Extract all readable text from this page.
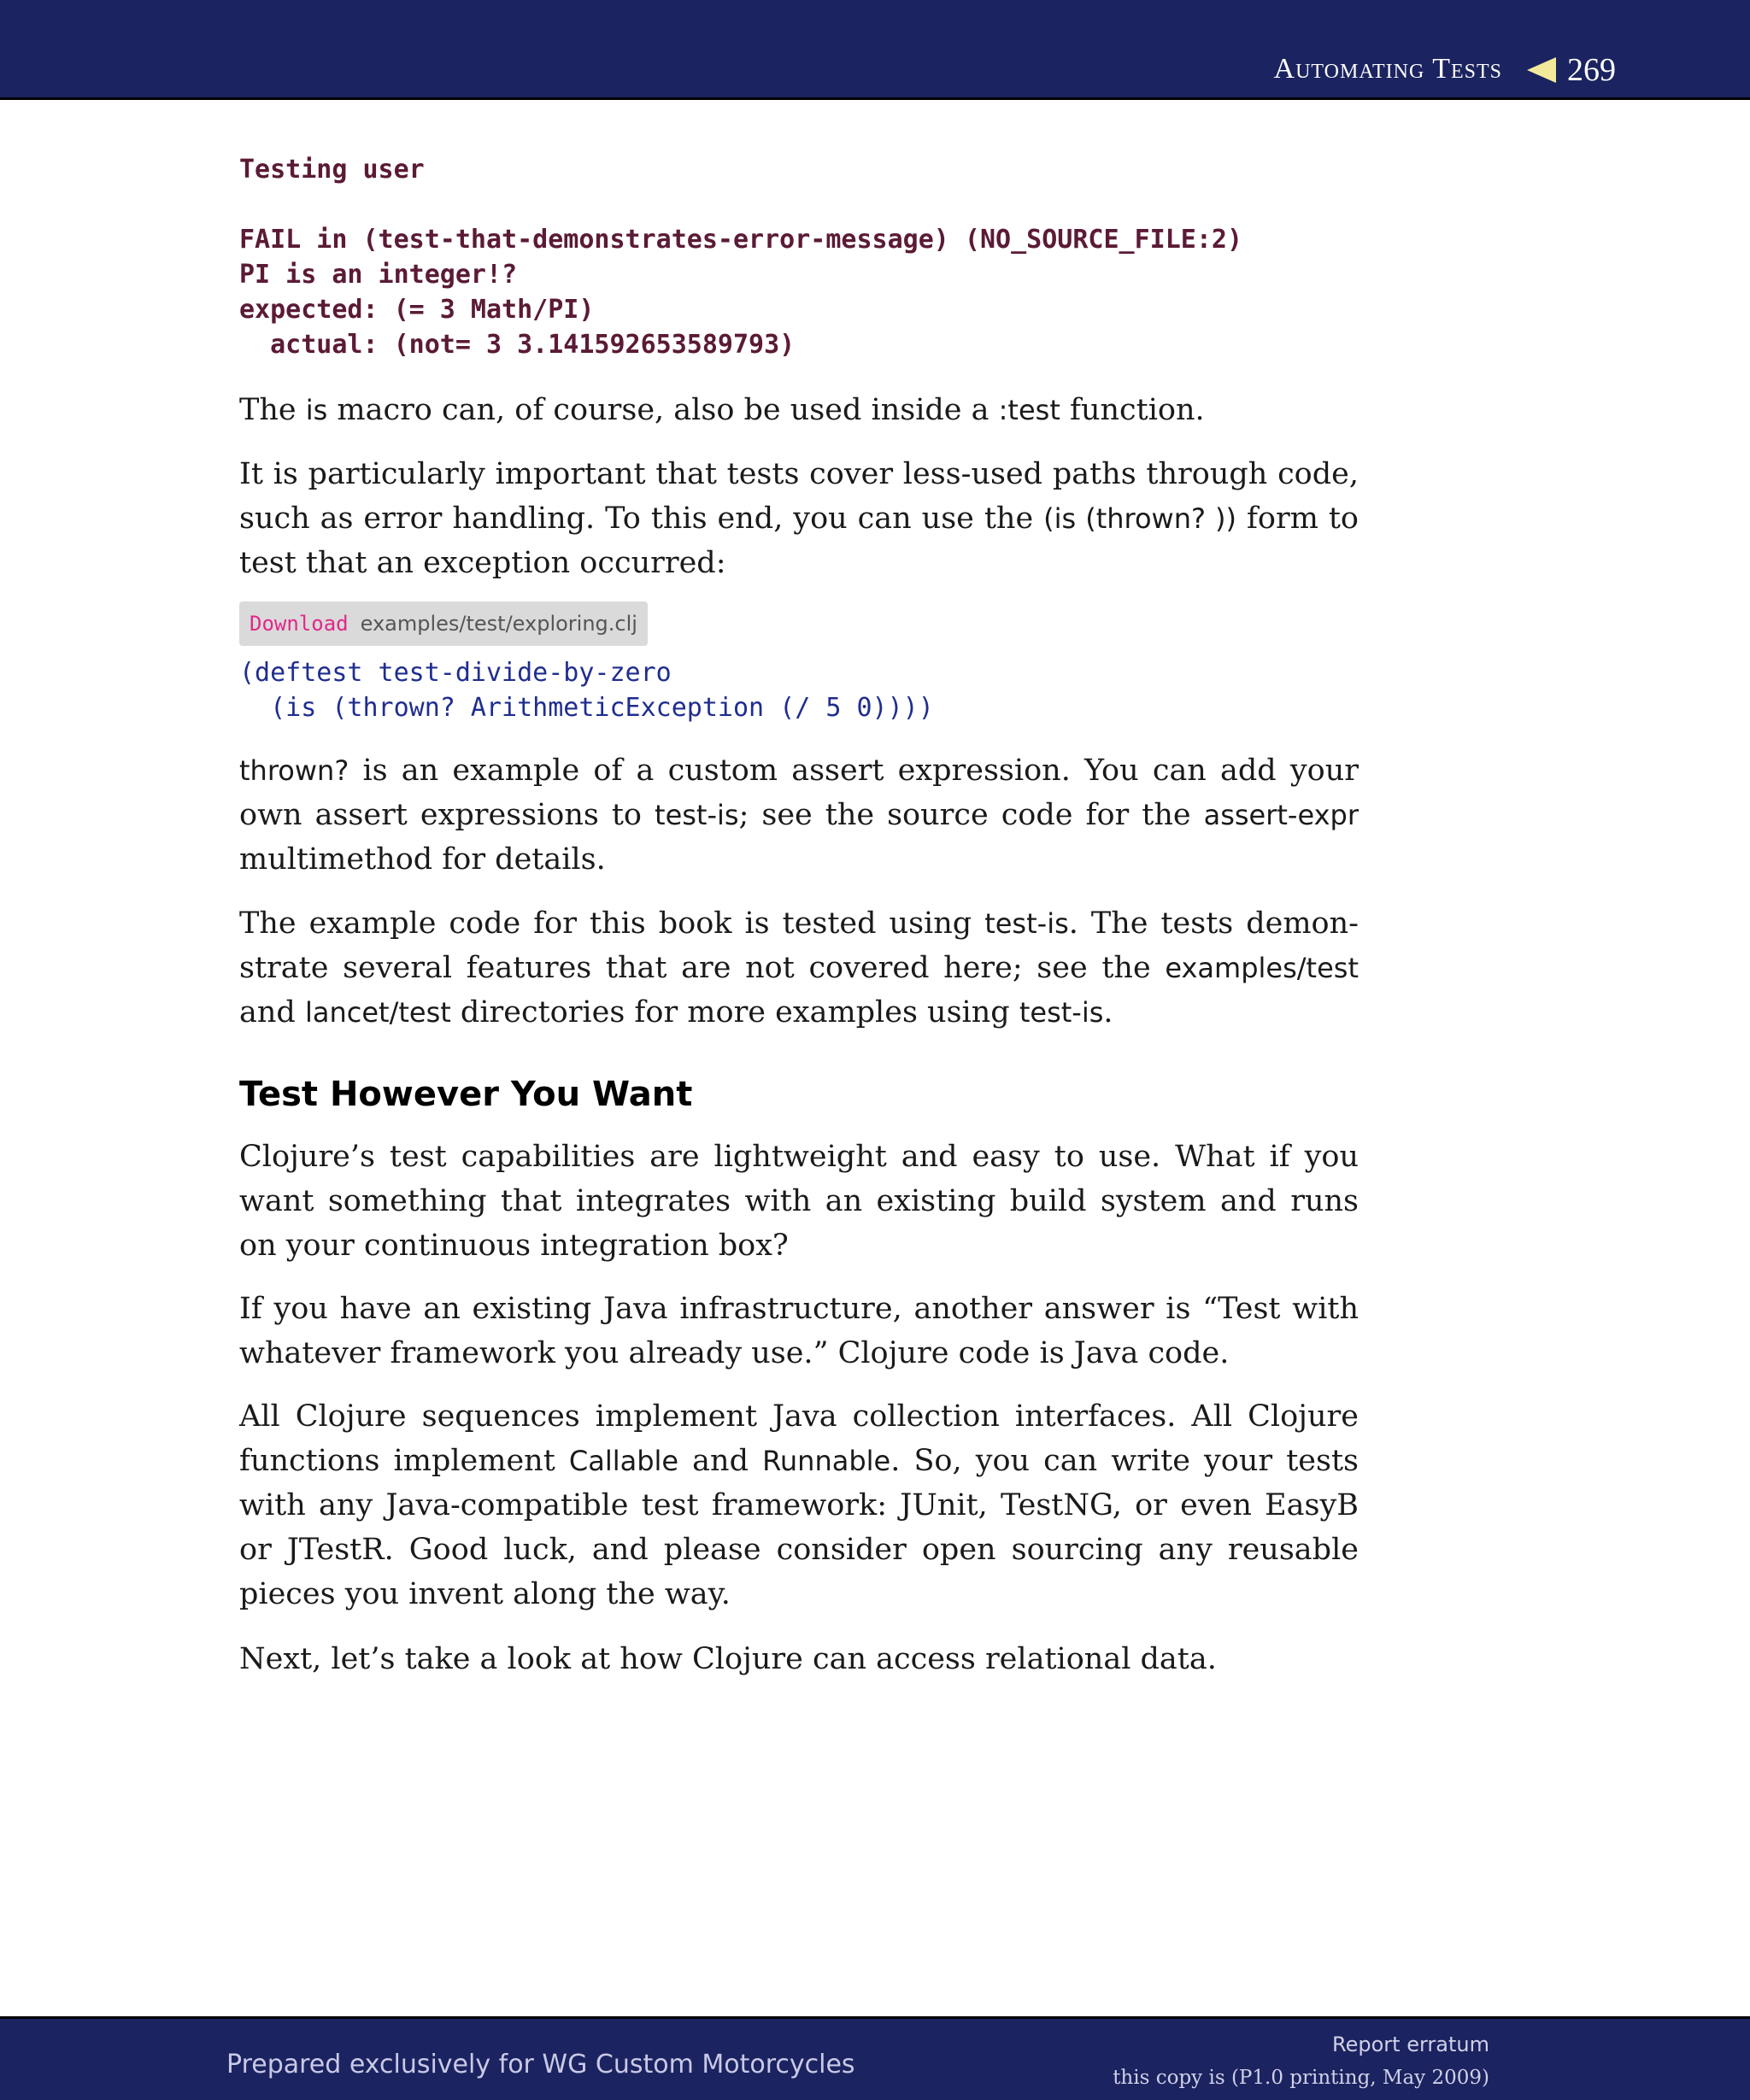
Automating Tests 269
Testing user

FAIL in (test-that-demonstrates-error-message) (NO_SOURCE_FILE:2)
PI is an integer!?
expected: (= 3 Math/PI)
actual: (not= 3 3.141592653589793)

The is macro can, of course, also be used inside a :test function.

It is particularly important that tests cover less-used paths through code, such as error handling. To this end, you can use the (is (thrown? )) form to test that an exception occurred:

Download examples/test/exploring.clj
(deftest test-divide-by-zero
(is (thrown? ArithmeticException (/ 5 0))))

thrown? is an example of a custom assert expression. You can add your own assert expressions to test-is; see the source code for the assert-expr multimethod for details.

The example code for this book is tested using test-is. The tests demonstrate several features that are not covered here; see the examples/test and lancet/test directories for more examples using test-is.

Test However You Want

Clojure’s test capabilities are lightweight and easy to use. What if you want something that integrates with an existing build system and runs on your continuous integration box?

If you have an existing Java infrastructure, another answer is “Test with whatever framework you already use.” Clojure code is Java code.

All Clojure sequences implement Java collection interfaces. All Clojure functions implement Callable and Runnable. So, you can write your tests with any Java-compatible test framework: JUnit, TestNG, or even EasyB or JTestR. Good luck, and please consider open sourcing any reusable pieces you invent along the way.

Next, let’s take a look at how Clojure can access relational data.

Prepared exclusively for WG Custom Motorcycles
Report erratum
this copy is (P1.0 printing, May 2009)
